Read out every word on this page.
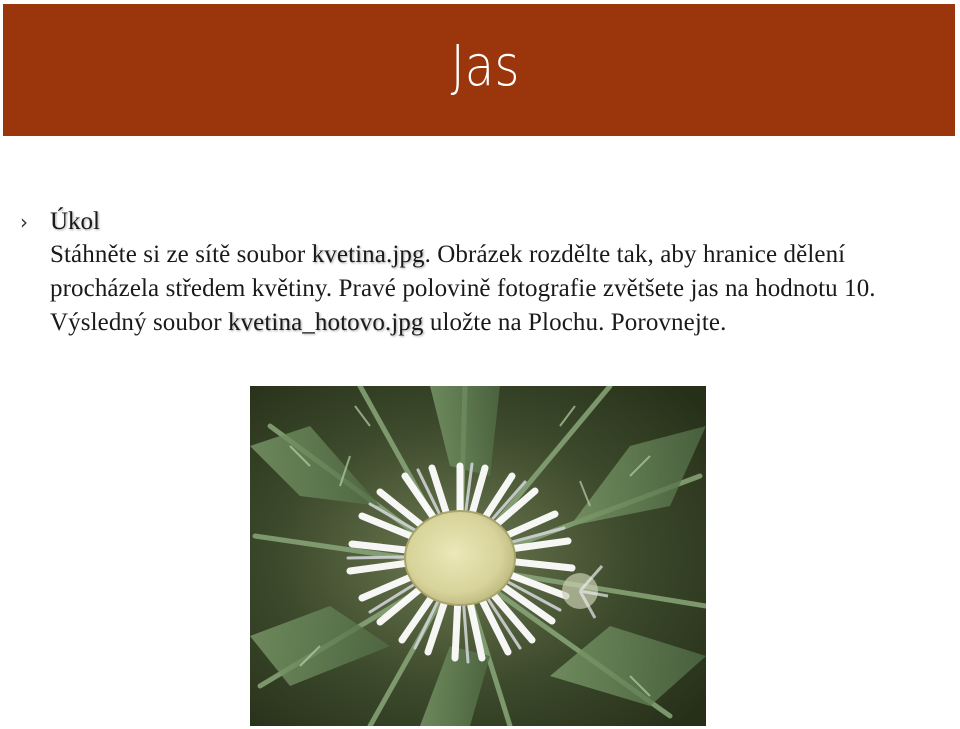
Jas
› Úkol
Stáhněte si ze sítě soubor kvetina.jpg. Obrázek rozdělte tak, aby hranice dělení procházela středem květiny. Pravé polovině fotografie zvětšete jas na hodnotu 10. Výsledný soubor kvetina_hotovo.jpg uložte na Plochu. Porovnejte.
